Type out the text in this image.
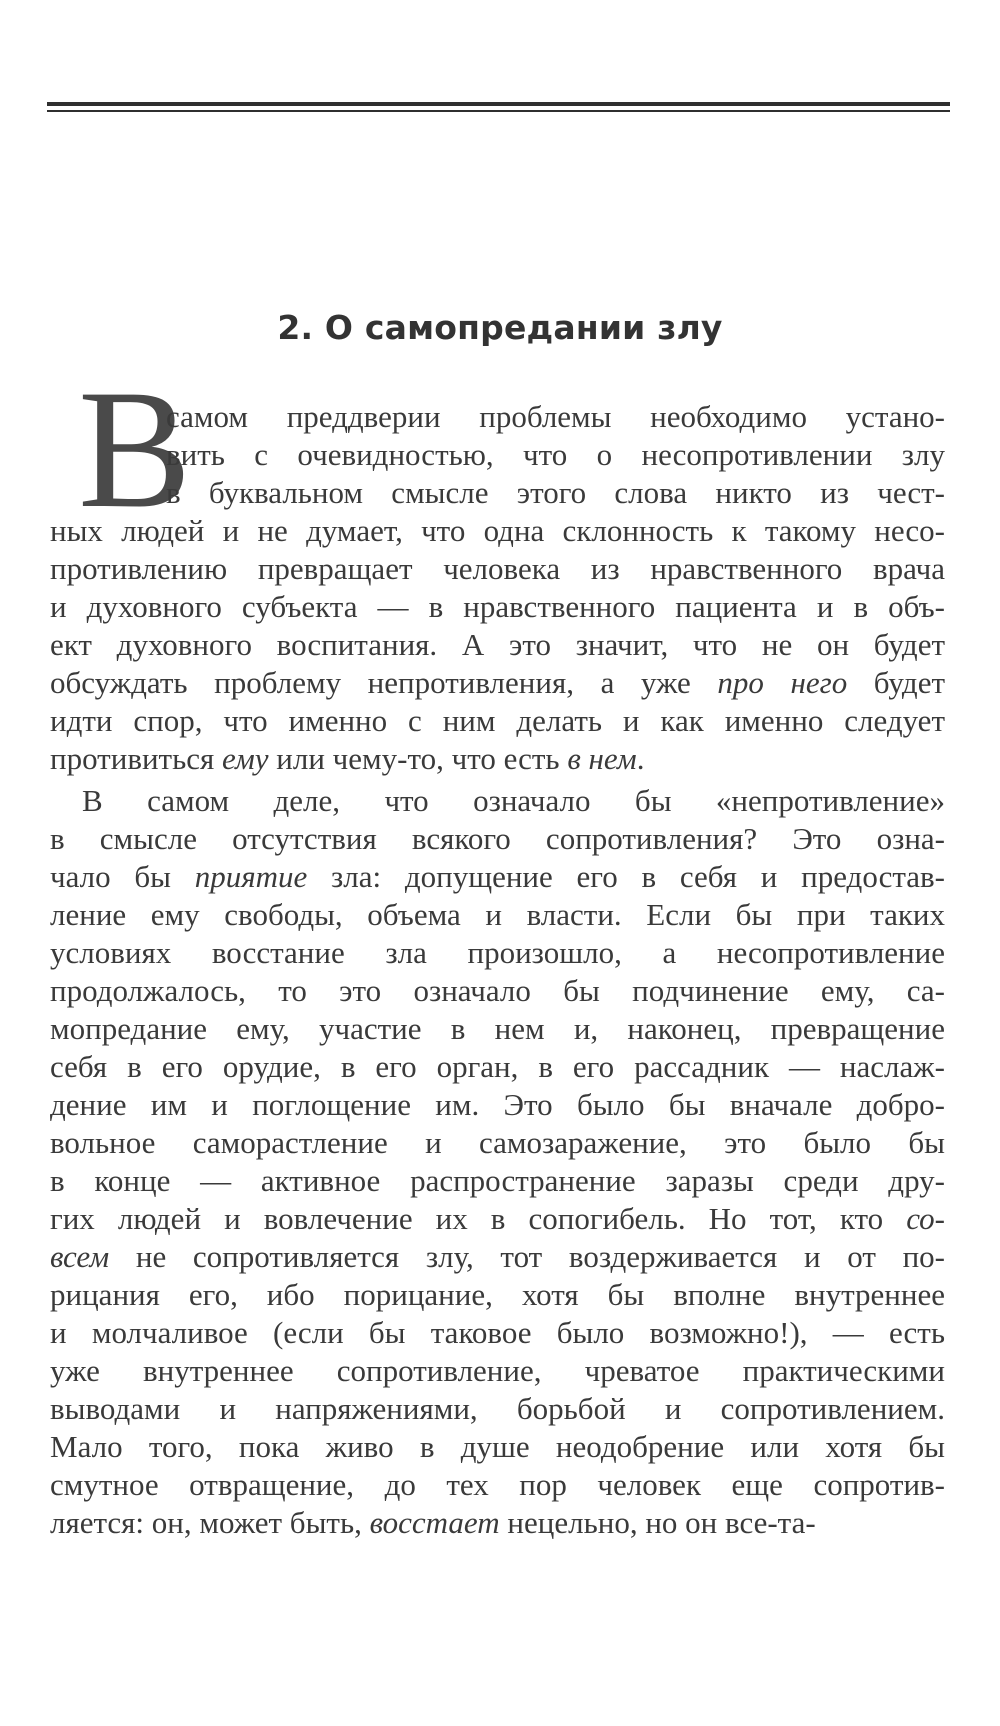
2. О самопредании злу
В
самом преддверии проблемы необходимо устано-
вить с очевидностью, что о несопротивлении злу
в буквальном смысле этого слова никто из чест-
ных людей и не думает, что одна склонность к такому несо-
противлению превращает человека из нравственного врача
и духовного субъекта — в нравственного пациента и в объ-
ект духовного воспитания. А это значит, что не он будет
обсуждать проблему непротивления, а уже про него будет
идти спор, что именно с ним делать и как именно следует
противиться ему или чему-то, что есть в нем.
В самом деле, что означало бы «непротивление»
в смысле отсутствия всякого сопротивления? Это озна-
чало бы приятие зла: допущение его в себя и предостав-
ление ему свободы, объема и власти. Если бы при таких
условиях восстание зла произошло, а несопротивление
продолжалось, то это означало бы подчинение ему, са-
мопредание ему, участие в нем и, наконец, превращение
себя в его орудие, в его орган, в его рассадник — наслаж-
дение им и поглощение им. Это было бы вначале добро-
вольное саморастление и самозаражение, это было бы
в конце — активное распространение заразы среди дру-
гих людей и вовлечение их в сопогибель. Но тот, кто со-
всем не сопротивляется злу, тот воздерживается и от по-
рицания его, ибо порицание, хотя бы вполне внутреннее
и молчаливое (если бы таковое было возможно!), — есть
уже внутреннее сопротивление, чреватое практическими
выводами и напряжениями, борьбой и сопротивлением.
Мало того, пока живо в душе неодобрение или хотя бы
смутное отвращение, до тех пор человек еще сопротив-
ляется: он, может быть, восстает нецельно, но он все-та-
